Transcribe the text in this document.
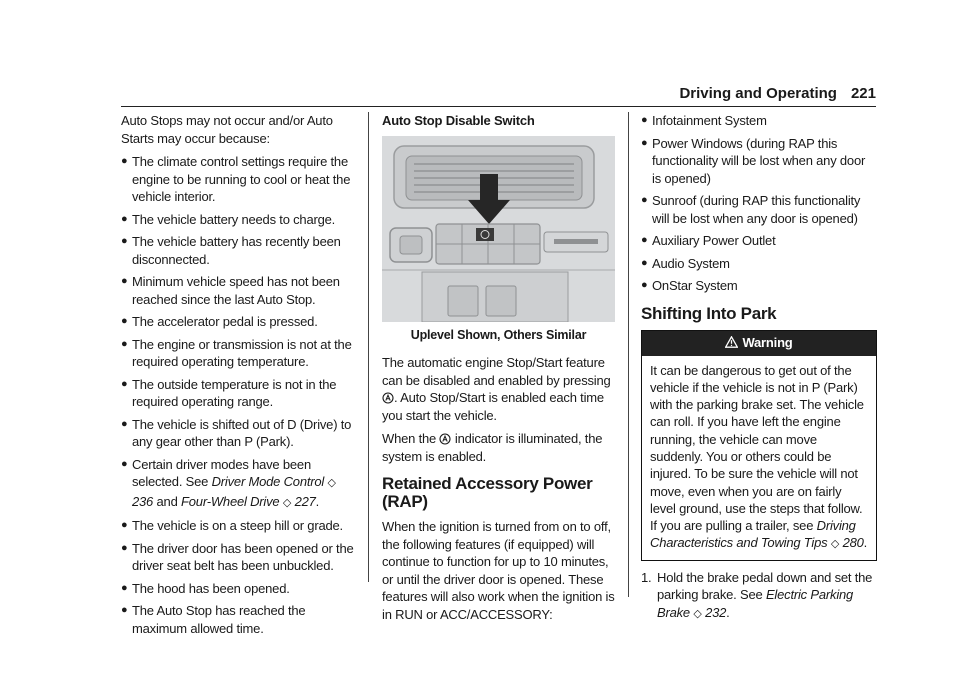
Driving and Operating 221

Auto Stops may not occur and/or Auto Starts may occur because:

● The climate control settings require the engine to be running to cool or heat the vehicle interior.
● The vehicle battery needs to charge.
● The vehicle battery has recently been disconnected.
● Minimum vehicle speed has not been reached since the last Auto Stop.
● The accelerator pedal is pressed.
● The engine or transmission is not at the required operating temperature.
● The outside temperature is not in the required operating range.
● The vehicle is shifted out of D (Drive) to any gear other than P (Park).
● Certain driver modes have been selected. See Driver Mode Control ◇ 236 and Four-Wheel Drive ◇ 227.
● The vehicle is on a steep hill or grade.
● The driver door has been opened or the driver seat belt has been unbuckled.
● The hood has been opened.
● The Auto Stop has reached the maximum allowed time.
Auto Stop Disable Switch
Uplevel Shown, Others Similar

The automatic engine Stop/Start feature can be disabled and enabled by pressing. Auto Stop/Start is enabled each time you start the vehicle.

When the indicator is illuminated, the system is enabled.

Retained Accessory Power (RAP)

When the ignition is turned from on to off, the following features (if equipped) will continue to function for up to 10 minutes, or until the driver door is opened. These features will also work when the ignition is in RUN or ACC/ACCESSORY:

● Infotainment System
● Power Windows (during RAP this functionality will be lost when any door is opened)
● Sunroof (during RAP this functionality will be lost when any door is opened)
● Auxiliary Power Outlet
● Audio System
● OnStar System
Shifting Into Park
Warning
It can be dangerous to get out of the vehicle if the vehicle is not in P (Park) with the parking brake set. The vehicle can roll. If you have left the engine running, the vehicle can move suddenly. You or others could be injured. To be sure the vehicle will not move, even when you are on fairly level ground, use the steps that follow. If you are pulling a trailer, see Driving Characteristics and Towing Tips ◇ 280.

1. Hold the brake pedal down and set the parking brake. See Electric Parking Brake ◇ 232.
